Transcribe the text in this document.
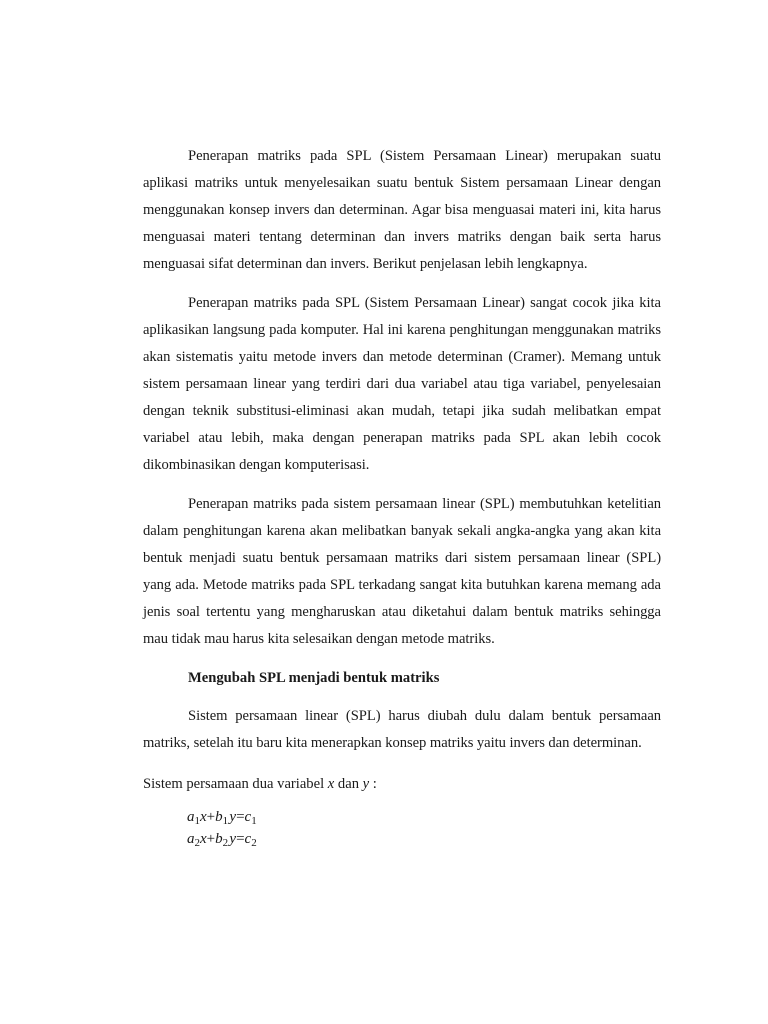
Penerapan matriks pada SPL (Sistem Persamaan Linear) merupakan suatu aplikasi matriks untuk menyelesaikan suatu bentuk Sistem persamaan Linear dengan menggunakan konsep invers dan determinan. Agar bisa menguasai materi ini, kita harus menguasai materi tentang determinan dan invers matriks dengan baik serta harus menguasai sifat determinan dan invers. Berikut penjelasan lebih lengkapnya.

Penerapan matriks pada SPL (Sistem Persamaan Linear) sangat cocok jika kita aplikasikan langsung pada komputer. Hal ini karena penghitungan menggunakan matriks akan sistematis yaitu metode invers dan metode determinan (Cramer). Memang untuk sistem persamaan linear yang terdiri dari dua variabel atau tiga variabel, penyelesaian dengan teknik substitusi-eliminasi akan mudah, tetapi jika sudah melibatkan empat variabel atau lebih, maka dengan penerapan matriks pada SPL akan lebih cocok dikombinasikan dengan komputerisasi.

Penerapan matriks pada sistem persamaan linear (SPL) membutuhkan ketelitian dalam penghitungan karena akan melibatkan banyak sekali angka-angka yang akan kita bentuk menjadi suatu bentuk persamaan matriks dari sistem persamaan linear (SPL) yang ada. Metode matriks pada SPL terkadang sangat kita butuhkan karena memang ada jenis soal tertentu yang mengharuskan atau diketahui dalam bentuk matriks sehingga mau tidak mau harus kita selesaikan dengan metode matriks.

Mengubah SPL menjadi bentuk matriks

Sistem persamaan linear (SPL) harus diubah dulu dalam bentuk persamaan matriks, setelah itu baru kita menerapkan konsep matriks yaitu invers dan determinan.

Sistem persamaan dua variabel x dan y :
$a_1x+b_1$ $y=c_1$
$a_2x+b_2$ $y=c_2$
